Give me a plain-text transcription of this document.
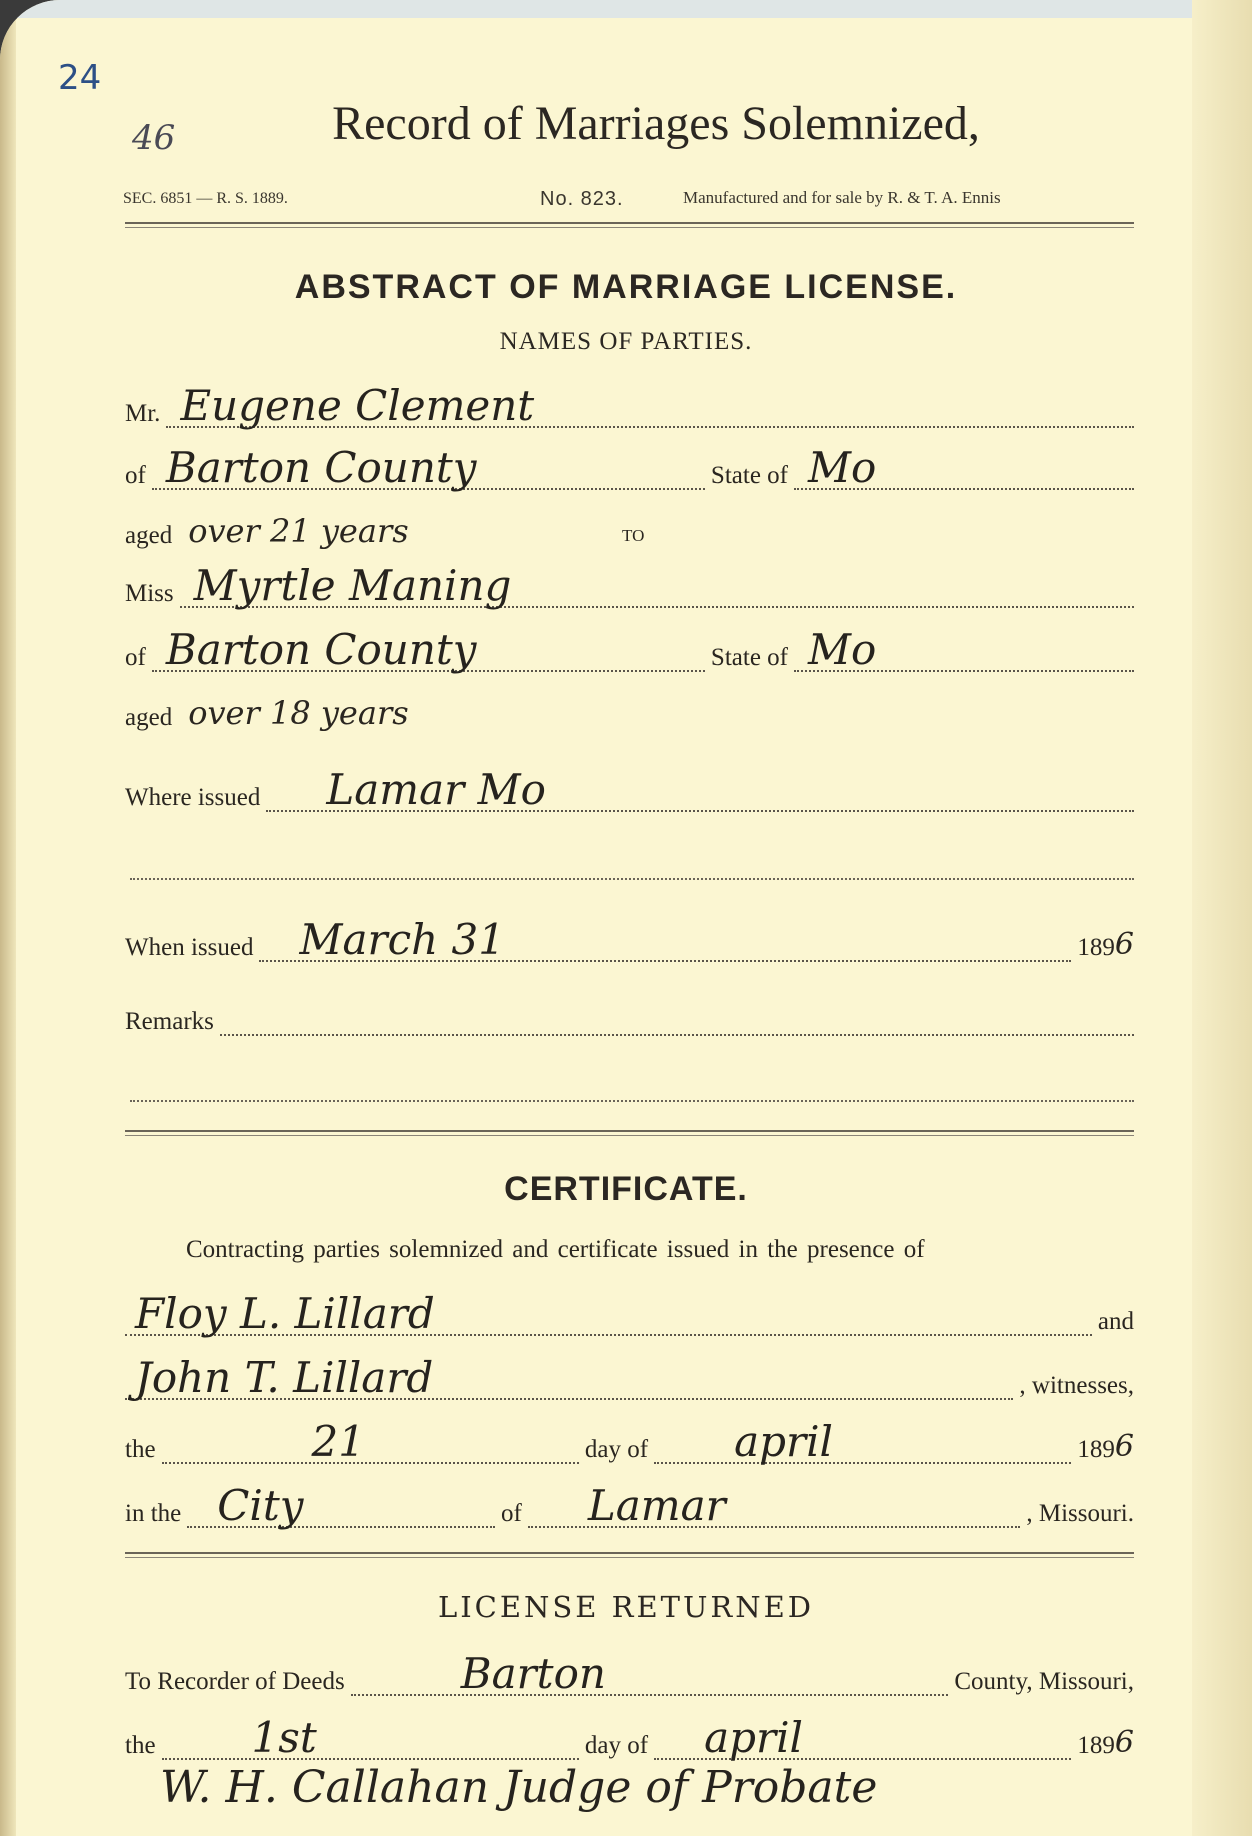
24
46	Record of Marriages Solemnized,
SEC. 6851 — R. S. 1889.	No. 823.	Manufactured and for sale by R. & T. A. Ennis
ABSTRACT OF MARRIAGE LICENSE.
NAMES OF PARTIES.
Mr. Eugene Clement
of Barton County	State of Mo
aged over 21 years	TO
Miss Myrtle Maning
of Barton County	State of Mo
aged over 18 years
Where issued Lamar Mo
When issued March 31	189 6
Remarks
CERTIFICATE.
Contracting parties solemnized and certificate issued in the presence of
Floy L. Lillard	and
John T. Lillard	, witnesses,
the	21	day of april	189 6
in the City	of Lamar	, Missouri.
LICENSE RETURNED
To Recorder of Deeds	Barton	County, Missouri,
the 1st	day of april	189 6
W. H. Callahan Judge of Probate
